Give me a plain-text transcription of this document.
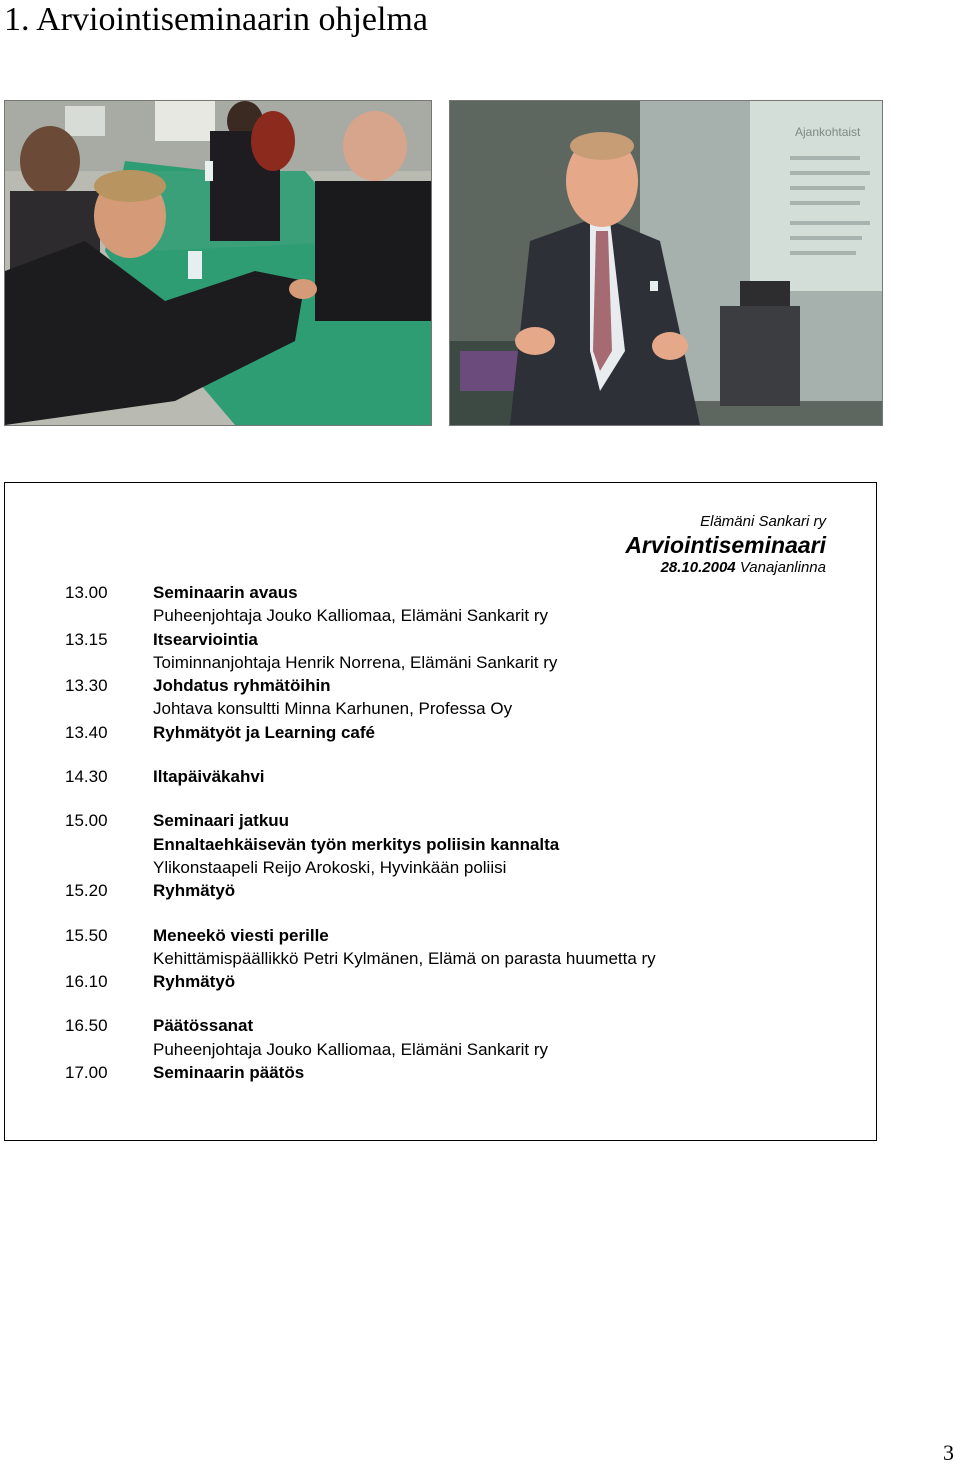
1. Arviointiseminaarin ohjelma
Ajankohtaist
Elämäni Sankari ry
Arviointiseminaari
28.10.2004 Vanajanlinna
13.00	Seminaarin avaus
Puheenjohtaja Jouko Kalliomaa, Elämäni Sankarit ry
13.15	Itsearviointia
Toiminnanjohtaja Henrik Norrena, Elämäni Sankarit ry
13.30	Johdatus ryhmätöihin
Johtava konsultti Minna Karhunen, Professa Oy
13.40	Ryhmätyöt ja Learning café
14.30	Iltapäiväkahvi
15.00	Seminaari jatkuu
Ennaltaehkäisevän työn merkitys poliisin kannalta
Ylikonstaapeli Reijo Arokoski, Hyvinkään poliisi
15.20	Ryhmätyö
15.50	Meneekö viesti perille
Kehittämispäällikkö Petri Kylmänen, Elämä on parasta huumetta ry
16.10	Ryhmätyö
16.50	Päätössanat
Puheenjohtaja Jouko Kalliomaa, Elämäni Sankarit ry
17.00	Seminaarin päätös
3
